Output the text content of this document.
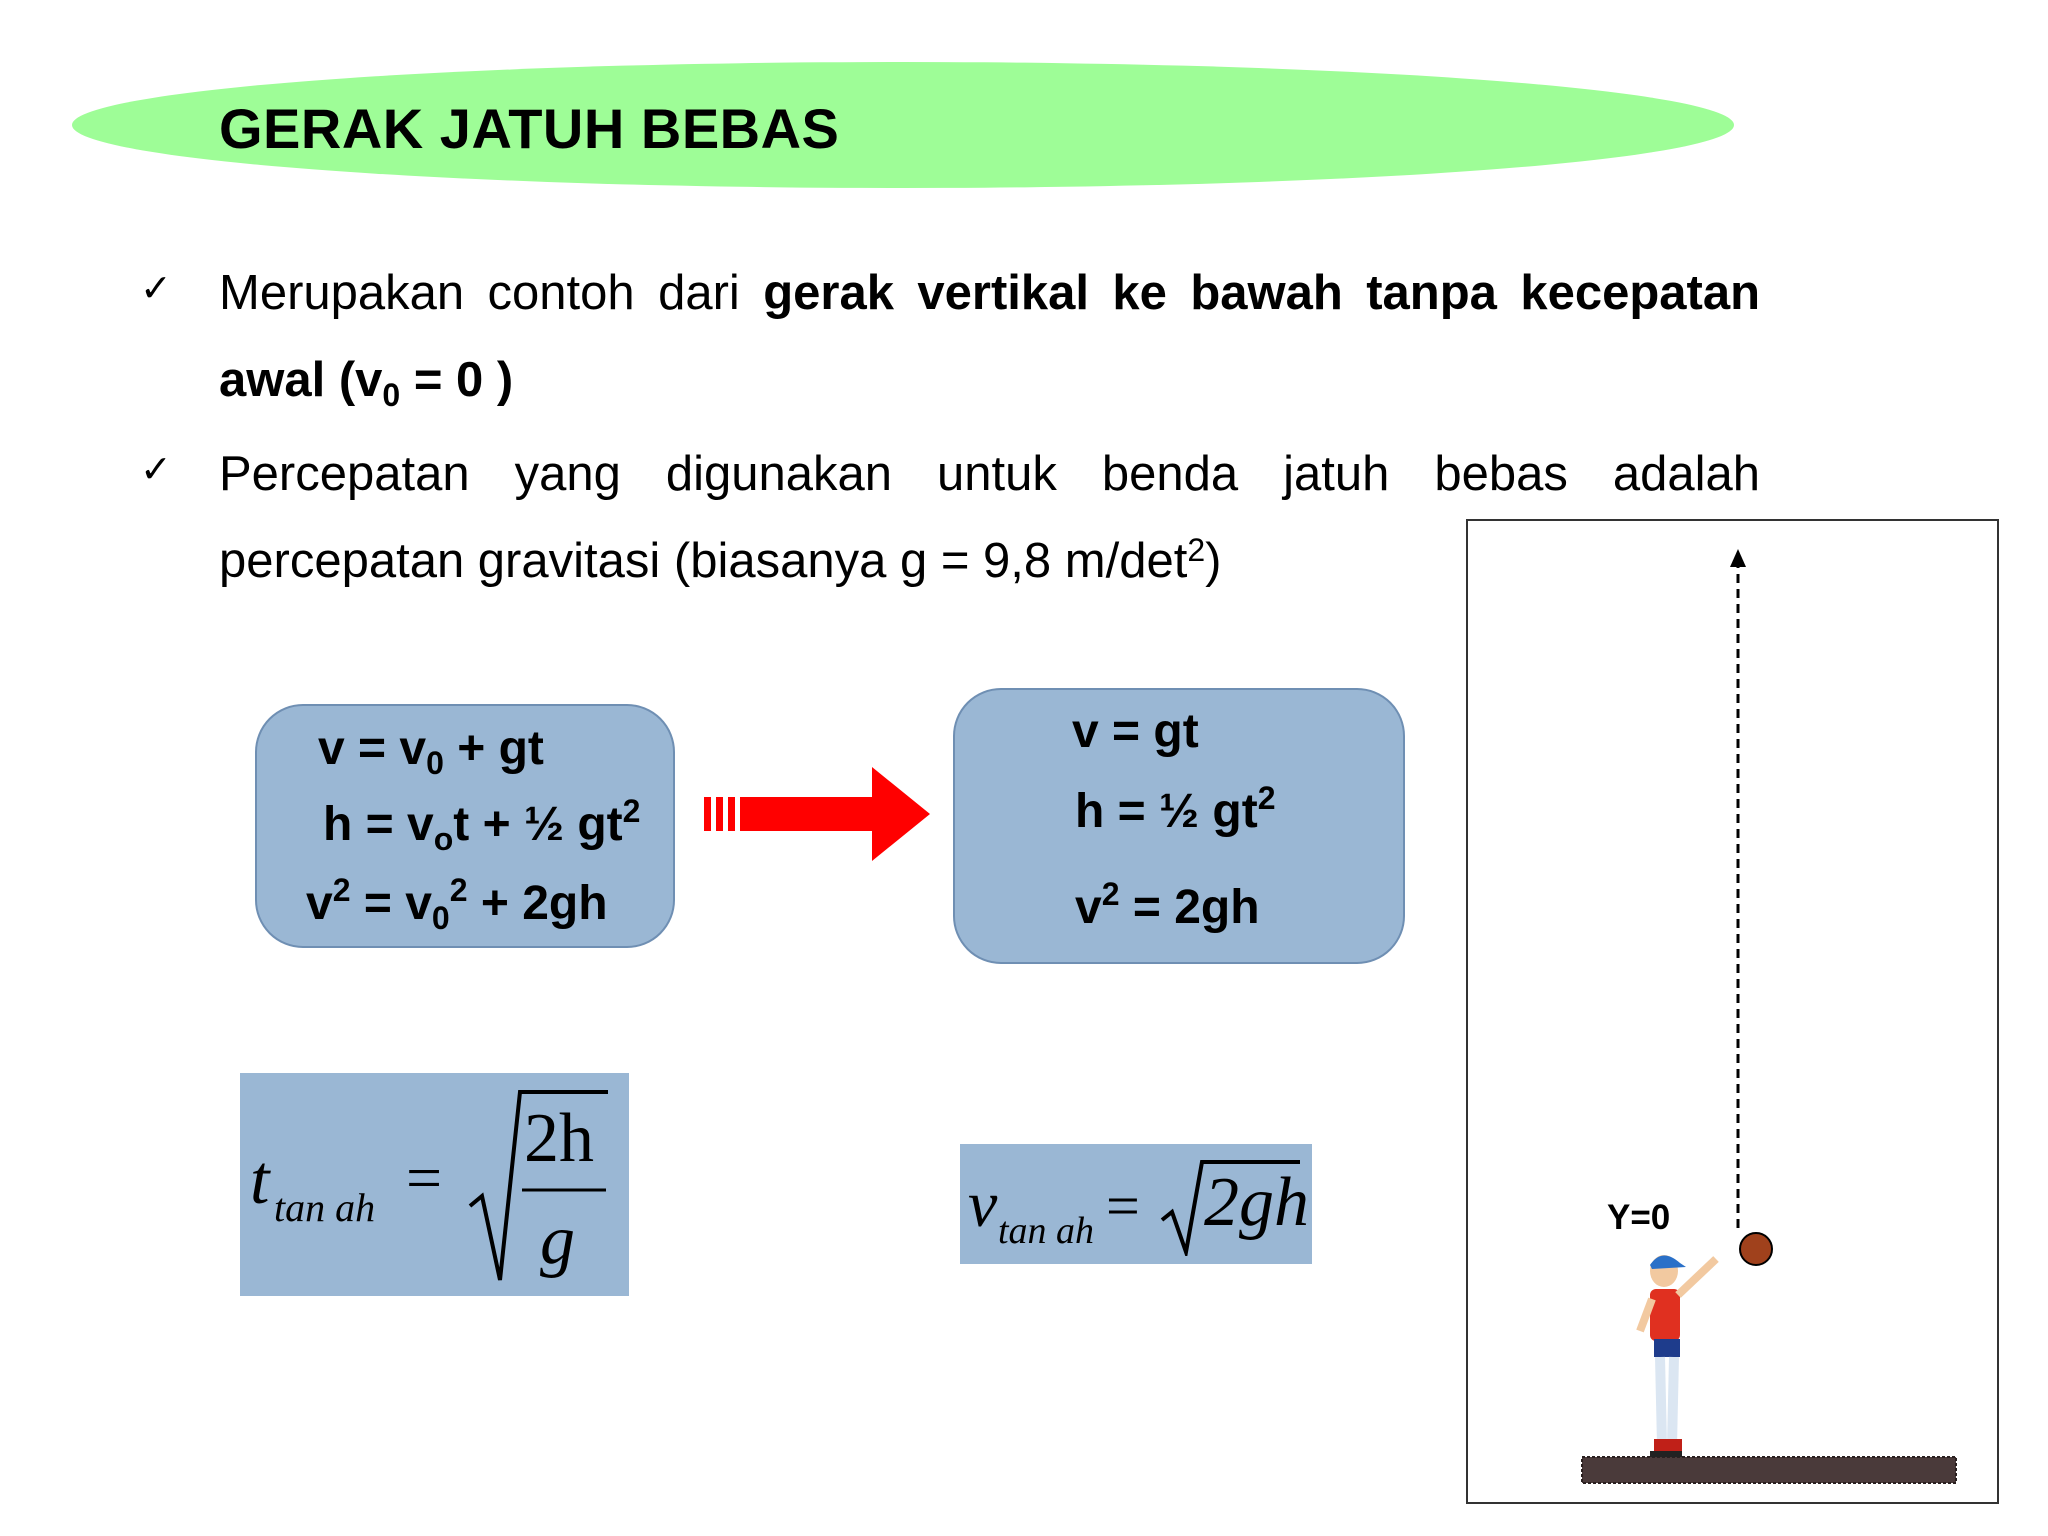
GERAK JATUH BEBAS
✓ Merupakan contoh dari gerak vertikal ke bawah tanpa kecepatan
awal ($v_0 = 0$ )
✓ Percepatan yang digunakan untuk benda jatuh bebas adalah
percepatan gravitasi (biasanya g = 9,8 $m/\det^2$)
$v = v_0$ + gt
$h = v_ot$ + ½ $gt^2$
$v^2 = v_0^2 + 2gh$
v = gt
h = ½ $gt^2$
$v^2 = 2gh$
t tan ah =
2h
g	v tan ah = 2gh	Y=0
